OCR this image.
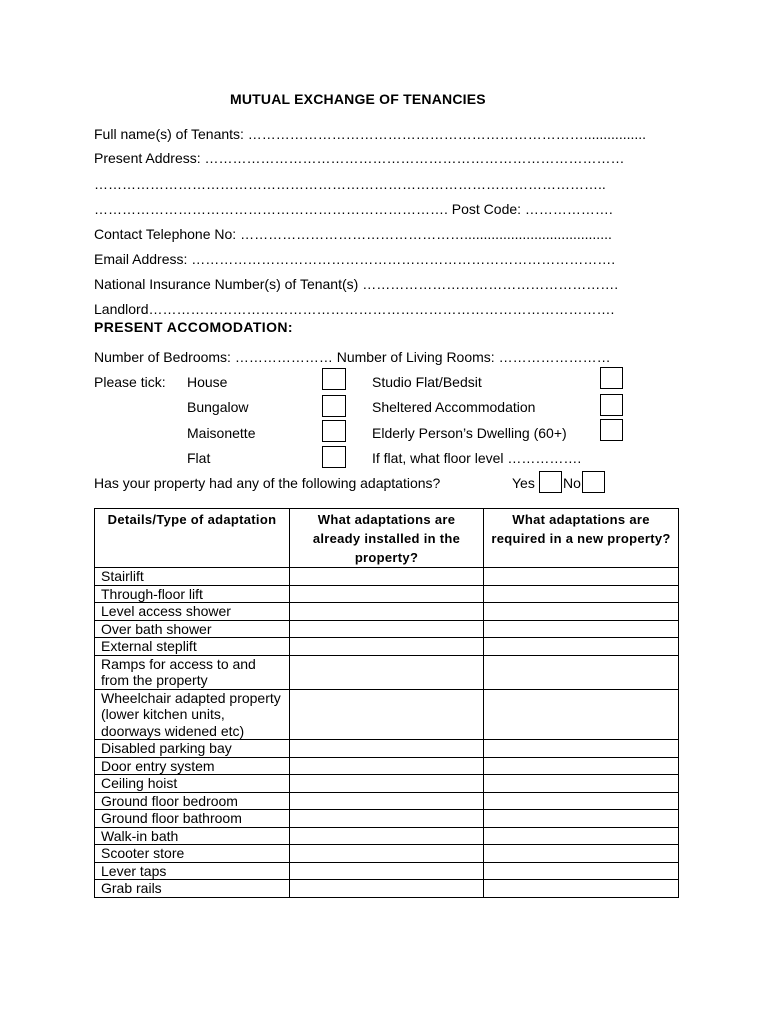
MUTUAL EXCHANGE OF TENANCIES
Full name(s) of Tenants: ………………………………………………………………................
Present Address: ………………………………………………………………………………
………………………………………………………………………………………………..
…………………………………………………………………. Post Code: ……………….
Contact Telephone No: …………………………………………......................................
Email Address: ……………………………………………………………………………….
National Insurance Number(s) of Tenant(s) ……………………………………………….
Landlord……………………………………………………………………………………….
PRESENT ACCOMODATION:
Number of Bedrooms: ………………… Number of Living Rooms: ……………………
Please tick: House
Bungalow
Maisonette
Flat
Studio Flat/Bedsit
Sheltered Accommodation
Elderly Person’s Dwelling (60+)
If flat, what floor level …………….
Has your property had any of the following adaptations?	Yes No
Details/Type of adaptation	What adaptations are already installed in the property?	What adaptations are required in a new property?
Stairlift		
Through-floor lift		
Level access shower		
Over bath shower		
External steplift		
Ramps for access to and from the property		
Wheelchair adapted property (lower kitchen units, doorways widened etc)		
Disabled parking bay		
Door entry system		
Ceiling hoist		
Ground floor bedroom		
Ground floor bathroom		
Walk-in bath		
Scooter store		
Lever taps		
Grab rails		
